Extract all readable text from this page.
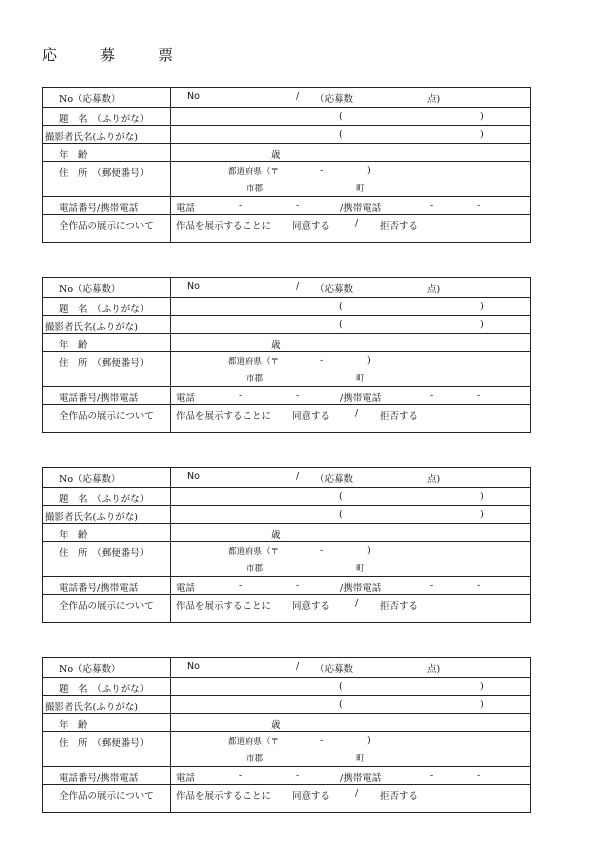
応　募　票
No（応募数）	No	/ （応募数	点)
題　名　（ふりがな）	(	)
撮影者氏名(ふりがな)	(	)
年　齢	歳
住　所　（郵便番号）	都道府県（〒	-	)
市郡	町
電話番号/携帯電話	電話	-	-	/携帯電話	-	-
全作品の展示について	作品を展示することに 同意する	/ 拒否する
No（応募数）	No	/ （応募数	点)
題　名　（ふりがな）	(	)
撮影者氏名(ふりがな)	(	)
年　齢	歳
住　所　（郵便番号）	都道府県（〒	-	)
市郡	町
電話番号/携帯電話	電話	-	-	/携帯電話	-	-
全作品の展示について	作品を展示することに 同意する	/ 拒否する
No（応募数）	No	/ （応募数	点)
題　名　（ふりがな）	(	)
撮影者氏名(ふりがな)	(	)
年　齢	歳
住　所　（郵便番号）	都道府県（〒	-	)
市郡	町
電話番号/携帯電話	電話	-	-	/携帯電話	-	-
全作品の展示について	作品を展示することに 同意する	/ 拒否する
No（応募数）	No	/ （応募数	点)
題　名　（ふりがな）	(	)
撮影者氏名(ふりがな)	(	)
年　齢	歳
住　所　（郵便番号）	都道府県（〒	-	)
市郡	町
電話番号/携帯電話	電話	-	-	/携帯電話	-	-
全作品の展示について	作品を展示することに 同意する	/ 拒否する
